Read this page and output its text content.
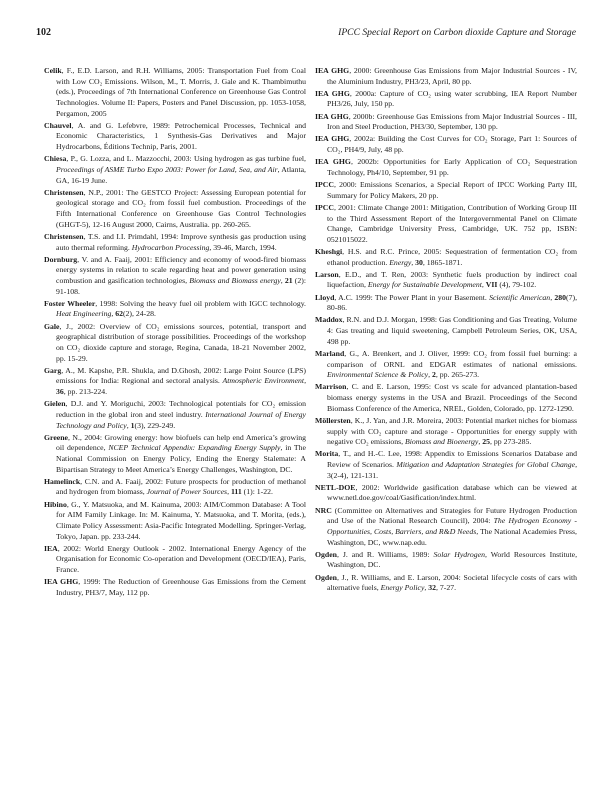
102	IPCC Special Report on Carbon dioxide Capture and Storage

Celik, F., E.D. Larson, and R.H. Williams, 2005: Transportation Fuel from Coal with Low CO₂ Emissions. Wilson, M., T. Morris, J. Gale and K. Thambimuthu (eds.), Proceedings of 7th International Conference on Greenhouse Gas Control Technologies. Volume II: Papers, Posters and Panel Discussion, pp. 1053-1058, Pergamon, 2005

Chauvel, A. and G. Lefebvre, 1989: Petrochemical Processes, Technical and Economic Characteristics, 1 Synthesis-Gas Derivatives and Major Hydrocarbons, Éditions Technip, Paris, 2001.

Chiesa, P., G. Lozza, and L. Mazzocchi, 2003: Using hydrogen as gas turbine fuel, Proceedings of ASME Turbo Expo 2003: Power for Land, Sea, and Air, Atlanta, GA, 16-19 June.

Christensen, N.P., 2001: The GESTCO Project: Assessing European potential for geological storage and CO₂ from fossil fuel combustion. Proceedings of the Fifth International Conference on Greenhouse Gas Control Technologies (GHGT-5), 12-16 August 2000, Cairns, Australia. pp. 260-265.

Christensen, T.S. and I.I. Primdahl, 1994: Improve synthesis gas production using auto thermal reforming. Hydrocarbon Processing, 39-46, March, 1994.

Dornburg, V. and A. Faaij, 2001: Efficiency and economy of wood-fired biomass energy systems in relation to scale regarding heat and power generation using combustion and gasification technologies, Biomass and Biomass energy, 21 (2): 91-108.

Foster Wheeler, 1998: Solving the heavy fuel oil problem with IGCC technology. Heat Engineering, 62(2), 24-28.

Gale, J., 2002: Overview of CO₂ emissions sources, potential, transport and geographical distribution of storage possibilities. Proceedings of the workshop on CO₂ dioxide capture and storage, Regina, Canada, 18-21 November 2002, pp. 15-29.

Garg, A., M. Kapshe, P.R. Shukla, and D.Ghosh, 2002: Large Point Source (LPS) emissions for India: Regional and sectoral analysis. Atmospheric Environment, 36, pp. 213-224.

Gielen, D.J. and Y. Moriguchi, 2003: Technological potentials for CO₂ emission reduction in the global iron and steel industry. International Journal of Energy Technology and Policy, 1(3), 229-249.

Greene, N., 2004: Growing energy: how biofuels can help end America’s growing oil dependence, NCEP Technical Appendix: Expanding Energy Supply, in The National Commission on Energy Policy, Ending the Energy Stalemate: A Bipartisan Strategy to Meet America’s Energy Challenges, Washington, DC.

Hamelinck, C.N. and A. Faaij, 2002: Future prospects for production of methanol and hydrogen from biomass, Journal of Power Sources, 111 (1): 1-22.

Hibino, G., Y. Matsuoka, and M. Kainuma, 2003: AIM/Common Database: A Tool for AIM Family Linkage. In: M. Kainuma, Y. Matsuoka, and T. Morita, (eds.), Climate Policy Assessment: Asia-Pacific Integrated Modelling. Springer-Verlag, Tokyo, Japan. pp. 233-244.

IEA, 2002: World Energy Outlook - 2002. International Energy Agency of the Organisation for Economic Co-operation and Development (OECD/IEA), Paris, France.

IEA GHG, 1999: The Reduction of Greenhouse Gas Emissions from the Cement Industry, PH3/7, May, 112 pp.

IEA GHG, 2000: Greenhouse Gas Emissions from Major Industrial Sources - IV, the Aluminium Industry, PH3/23, April, 80 pp.

IEA GHG, 2000a: Capture of CO₂ using water scrubbing, IEA Report Number PH3/26, July, 150 pp.

IEA GHG, 2000b: Greenhouse Gas Emissions from Major Industrial Sources - III, Iron and Steel Production, PH3/30, September, 130 pp.

IEA GHG, 2002a: Building the Cost Curves for CO₂ Storage, Part 1: Sources of CO₂, PH4/9, July, 48 pp.

IEA GHG, 2002b: Opportunities for Early Application of CO₂ Sequestration Technology, Ph4/10, September, 91 pp.

IPCC, 2000: Emissions Scenarios, a Special Report of IPCC Working Party III, Summary for Policy Makers, 20 pp.

IPCC, 2001: Climate Change 2001: Mitigation, Contribution of Working Group III to the Third Assessment Report of the Intergovernmental Panel on Climate Change, Cambridge University Press, Cambridge, UK. 752 pp, ISBN: 0521015022.

Kheshgi, H.S. and R.C. Prince, 2005: Sequestration of fermentation CO₂ from ethanol production. Energy, 30, 1865-1871.

Larson, E.D., and T. Ren, 2003: Synthetic fuels production by indirect coal liquefaction, Energy for Sustainable Development, VII (4), 79-102.

Lloyd, A.C. 1999: The Power Plant in your Basement. Scientific American, 280(7), 80-86.

Maddox, R.N. and D.J. Morgan, 1998: Gas Conditioning and Gas Treating, Volume 4: Gas treating and liquid sweetening, Campbell Petroleum Series, OK, USA, 498 pp.

Marland, G., A. Brenkert, and J. Oliver, 1999: CO₂ from fossil fuel burning: a comparison of ORNL and EDGAR estimates of national emissions. Environmental Science & Policy, 2, pp. 265-273.

Marrison, C. and E. Larson, 1995: Cost vs scale for advanced plantation-based biomass energy systems in the USA and Brazil. Proceedings of the Second Biomass Conference of the America, NREL, Golden, Colorado, pp. 1272-1290.

Möllersten, K., J. Yan, and J.R. Moreira, 2003: Potential market niches for biomass supply with CO₂ capture and storage - Opportunities for energy supply with negative CO₂ emissions, Biomass and Bioenergy, 25, pp 273-285.

Morita, T., and H.-C. Lee, 1998: Appendix to Emissions Scenarios Database and Review of Scenarios. Mitigation and Adaptation Strategies for Global Change, 3(2-4), 121-131.

NETL-DOE, 2002: Worldwide gasification database which can be viewed at www.netl.doe.gov/coal/Gasification/index.html.

NRC (Committee on Alternatives and Strategies for Future Hydrogen Production and Use of the National Research Council), 2004: The Hydrogen Economy - Opportunities, Costs, Barriers, and R&D Needs, The National Academies Press, Washington, DC, www.nap.edu.

Ogden, J. and R. Williams, 1989: Solar Hydrogen, World Resources Institute, Washington, DC.

Ogden, J., R. Williams, and E. Larson, 2004: Societal lifecycle costs of cars with alternative fuels, Energy Policy, 32, 7-27.
